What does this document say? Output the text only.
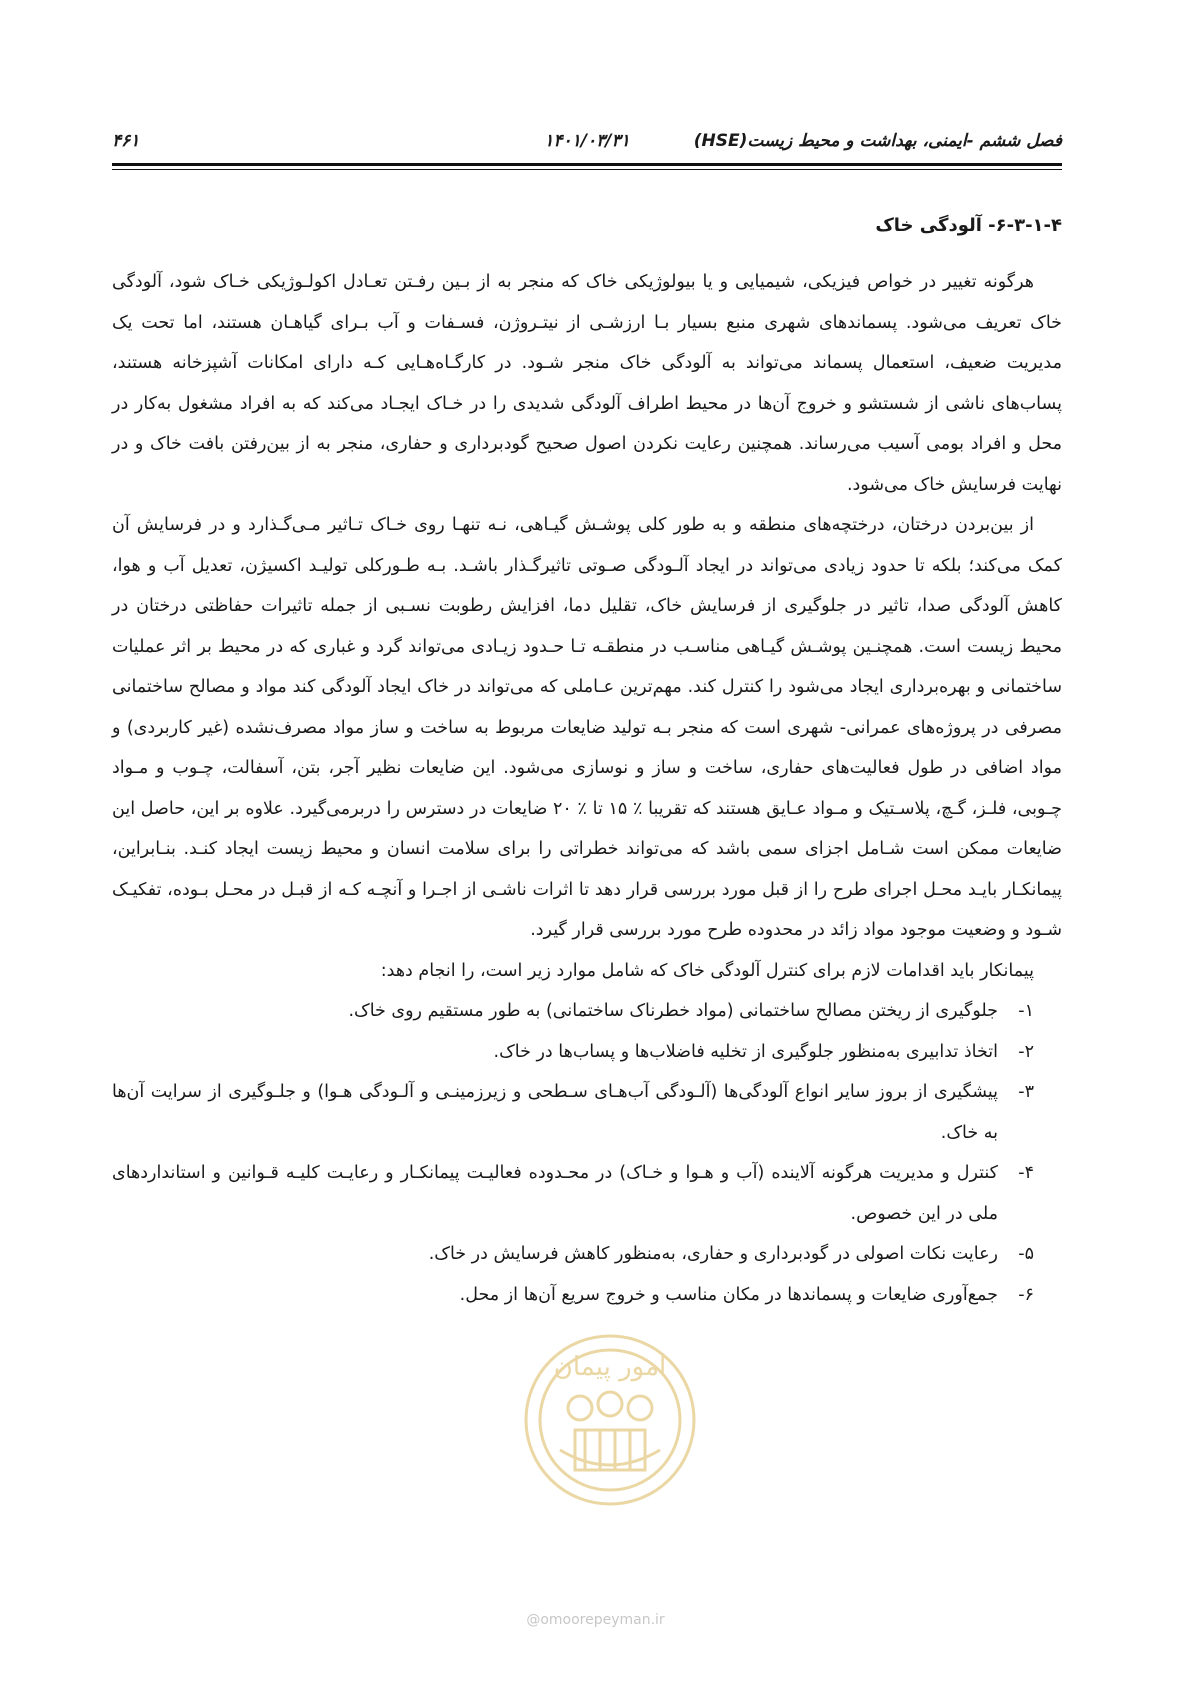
فصل ششم -ایمنی، بهداشت و محیط زیست(HSE)
۱۴۰۱/۰۳/۳۱
۴۶۱
۶-۳-۱-۴- آلودگی خاک

هرگونه تغییر در خواص فیزیکی، شیمیایی و یا بیولوژیکی خاک که منجر به از بـین رفـتن تعـادل اکولـوژیکی خـاک شود، آلودگی خاک تعریف می‌شود. پسماندهای شهری منبع بسیار بـا ارزشـی از نیتـروژن، فسـفات و آب بـرای گیاهـان هستند، اما تحت یک مدیریت ضعیف، استعمال پسماند می‌تواند به آلودگی خاک منجر شـود. در کارگـاه‌هـایی کـه دارای امکانات آشپزخانه هستند، پساب‌های ناشی از شستشو و خروج آن‌ها در محیط اطراف آلودگی شدیدی را در خـاک ایجـاد می‌کند که به افراد مشغول به‌کار در محل و افراد بومی آسیب می‌رساند. همچنین رعایت نکردن اصول صحیح گودبرداری و حفاری، منجر به از بین‌رفتن بافت خاک و در نهایت فرسایش خاک می‌شود.

از بین‌بردن درختان، درختچه‌های منطقه و به طور کلی پوشـش گیـاهی، نـه تنهـا روی خـاک تـاثیر مـی‌گـذارد و در فرسایش آن کمک می‌کند؛ بلکه تا حدود زیادی می‌تواند در ایجاد آلـودگی صـوتی تاثیرگـذار باشـد. بـه طـورکلی تولیـد اکسیژن، تعدیل آب و هوا، کاهش آلودگی صدا، تاثیر در جلوگیری از فرسایش خاک، تقلیل دما، افزایش رطوبت نسـبی از جمله تاثیرات حفاظتی درختان در محیط زیست است. همچنـین پوشـش گیـاهی مناسـب در منطقـه تـا حـدود زیـادی می‌تواند گرد و غباری که در محیط بر اثر عملیات ساختمانی و بهره‌برداری ایجاد می‌شود را کنترل کند. مهم‌ترین عـاملی که می‌تواند در خاک ایجاد آلودگی کند مواد و مصالح ساختمانی مصرفی در پروژه‌های عمرانی- شهری است که منجر بـه تولید ضایعات مربوط به ساخت و ساز مواد مصرف‌نشده (غیر کاربردی) و مواد اضافی در طول فعالیت‌های حفاری، ساخت و ساز و نوسازی می‌شود. این ضایعات نظیر آجر، بتن، آسفالت، چـوب و مـواد چـوبی، فلـز، گـچ، پلاسـتیک و مـواد عـایق هستند که تقریبا ٪ ۱۵ تا ٪ ۲۰ ضایعات در دسترس را دربرمی‌گیرد. علاوه بر این، حاصل این ضایعات ممکن است شـامل اجزای سمی باشد که می‌تواند خطراتی را برای سلامت انسان و محیط زیست ایجاد کنـد. بنـابراین، پیمانکـار بایـد محـل اجرای طرح را از قبل مورد بررسی قرار دهد تا اثرات ناشـی از اجـرا و آنچـه کـه از قبـل در محـل بـوده، تفکیـک شـود و وضعیت موجود مواد زائد در محدوده طرح مورد بررسی قرار گیرد.

پیمانکار باید اقدامات لازم برای کنترل آلودگی خاک که شامل موارد زیر است، را انجام دهد:

۱-
جلوگیری از ریختن مصالح ساختمانی (مواد خطرناک ساختمانی) به طور مستقیم روی خاک.
۲-
اتخاذ تدابیری به‌منظور جلوگیری از تخلیه فاضلاب‌ها و پساب‌ها در خاک.
۳-
پیشگیری از بروز سایر انواع آلودگی‌ها (آلـودگی آب‌هـای سـطحی و زیرزمینـی و آلـودگی هـوا) و جلـوگیری از سرایت آن‌ها به خاک.
۴-
کنترل و مدیریت هرگونه آلاینده (آب و هـوا و خـاک) در محـدوده فعالیـت پیمانکـار و رعایـت کلیـه قـوانین و استانداردهای ملی در این خصوص.
۵-
رعایت نکات اصولی در گودبرداری و حفاری، به‌منظور کاهش فرسایش در خاک.
۶-
جمع‌آوری ضایعات و پسماندها در مکان مناسب و خروج سریع آن‌ها از محل.
امور پیمان
@omoorepeyman.ir
